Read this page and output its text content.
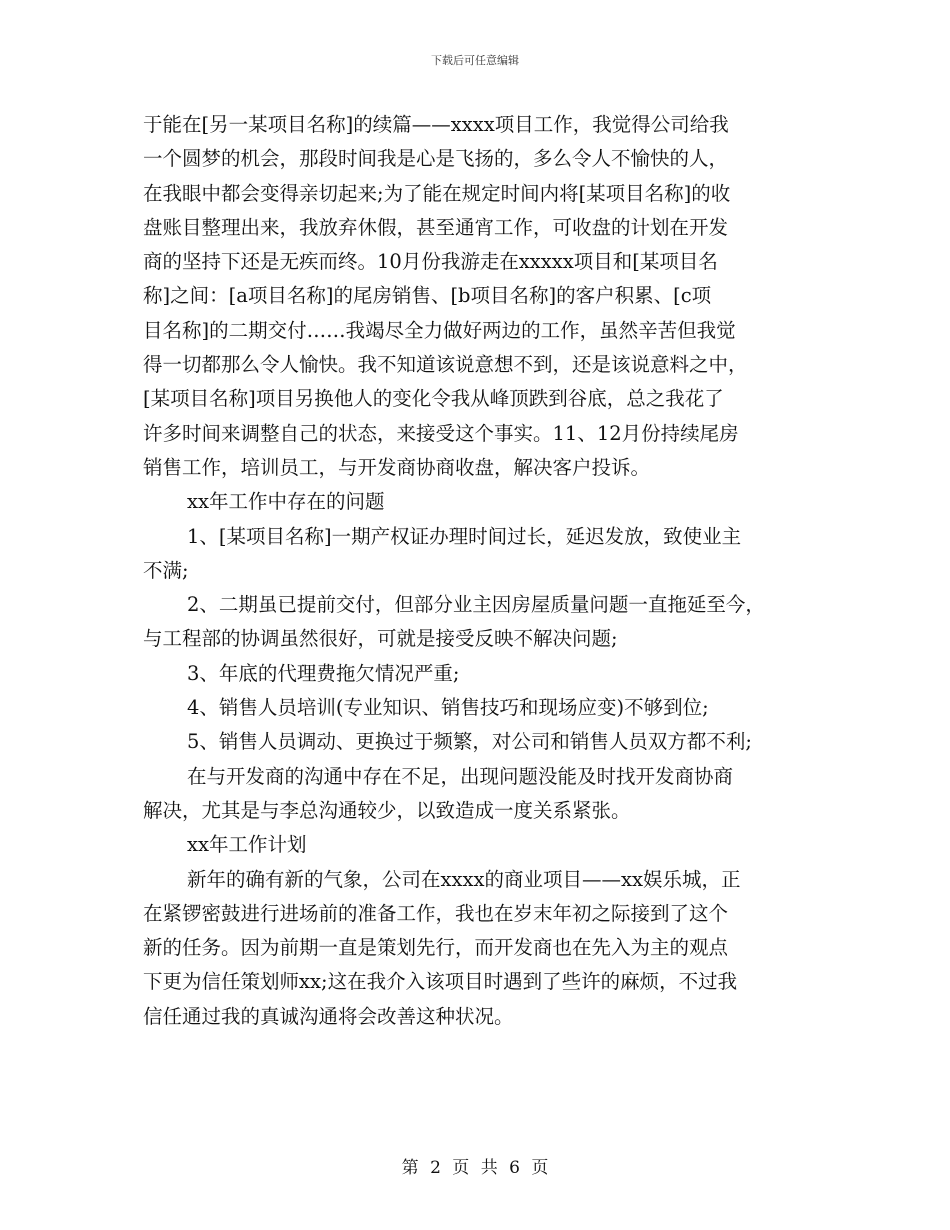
下载后可任意编辑
于能在[另一某项目名称]的续篇——xxxx项目工作，我觉得公司给我
一个圆梦的机会，那段时间我是心是飞扬的，多么令人不愉快的人，
在我眼中都会变得亲切起来;为了能在规定时间内将[某项目名称]的收
盘账目整理出来，我放弃休假，甚至通宵工作，可收盘的计划在开发
商的坚持下还是无疾而终。10月份我游走在xxxxx项目和[某项目名
称]之间：[a项目名称]的尾房销售、[b项目名称]的客户积累、[c项
目名称]的二期交付……我竭尽全力做好两边的工作，虽然辛苦但我觉
得一切都那么令人愉快。我不知道该说意想不到，还是该说意料之中，
[某项目名称]项目另换他人的变化令我从峰顶跌到谷底，总之我花了
许多时间来调整自己的状态，来接受这个事实。11、12月份持续尾房
销售工作，培训员工，与开发商协商收盘，解决客户投诉。
xx年工作中存在的问题
1、[某项目名称]一期产权证办理时间过长，延迟发放，致使业主
不满;
2、二期虽已提前交付，但部分业主因房屋质量问题一直拖延至今，
与工程部的协调虽然很好，可就是接受反映不解决问题;
3、年底的代理费拖欠情况严重;
4、销售人员培训(专业知识、销售技巧和现场应变)不够到位;
5、销售人员调动、更换过于频繁，对公司和销售人员双方都不利;
在与开发商的沟通中存在不足，出现问题没能及时找开发商协商
解决，尤其是与李总沟通较少，以致造成一度关系紧张。
xx年工作计划
新年的确有新的气象，公司在xxxx的商业项目——xx娱乐城，正
在紧锣密鼓进行进场前的准备工作，我也在岁末年初之际接到了这个
新的任务。因为前期一直是策划先行，而开发商也在先入为主的观点
下更为信任策划师xx;这在我介入该项目时遇到了些许的麻烦，不过我
信任通过我的真诚沟通将会改善这种状况。
第 2 页 共 6 页
